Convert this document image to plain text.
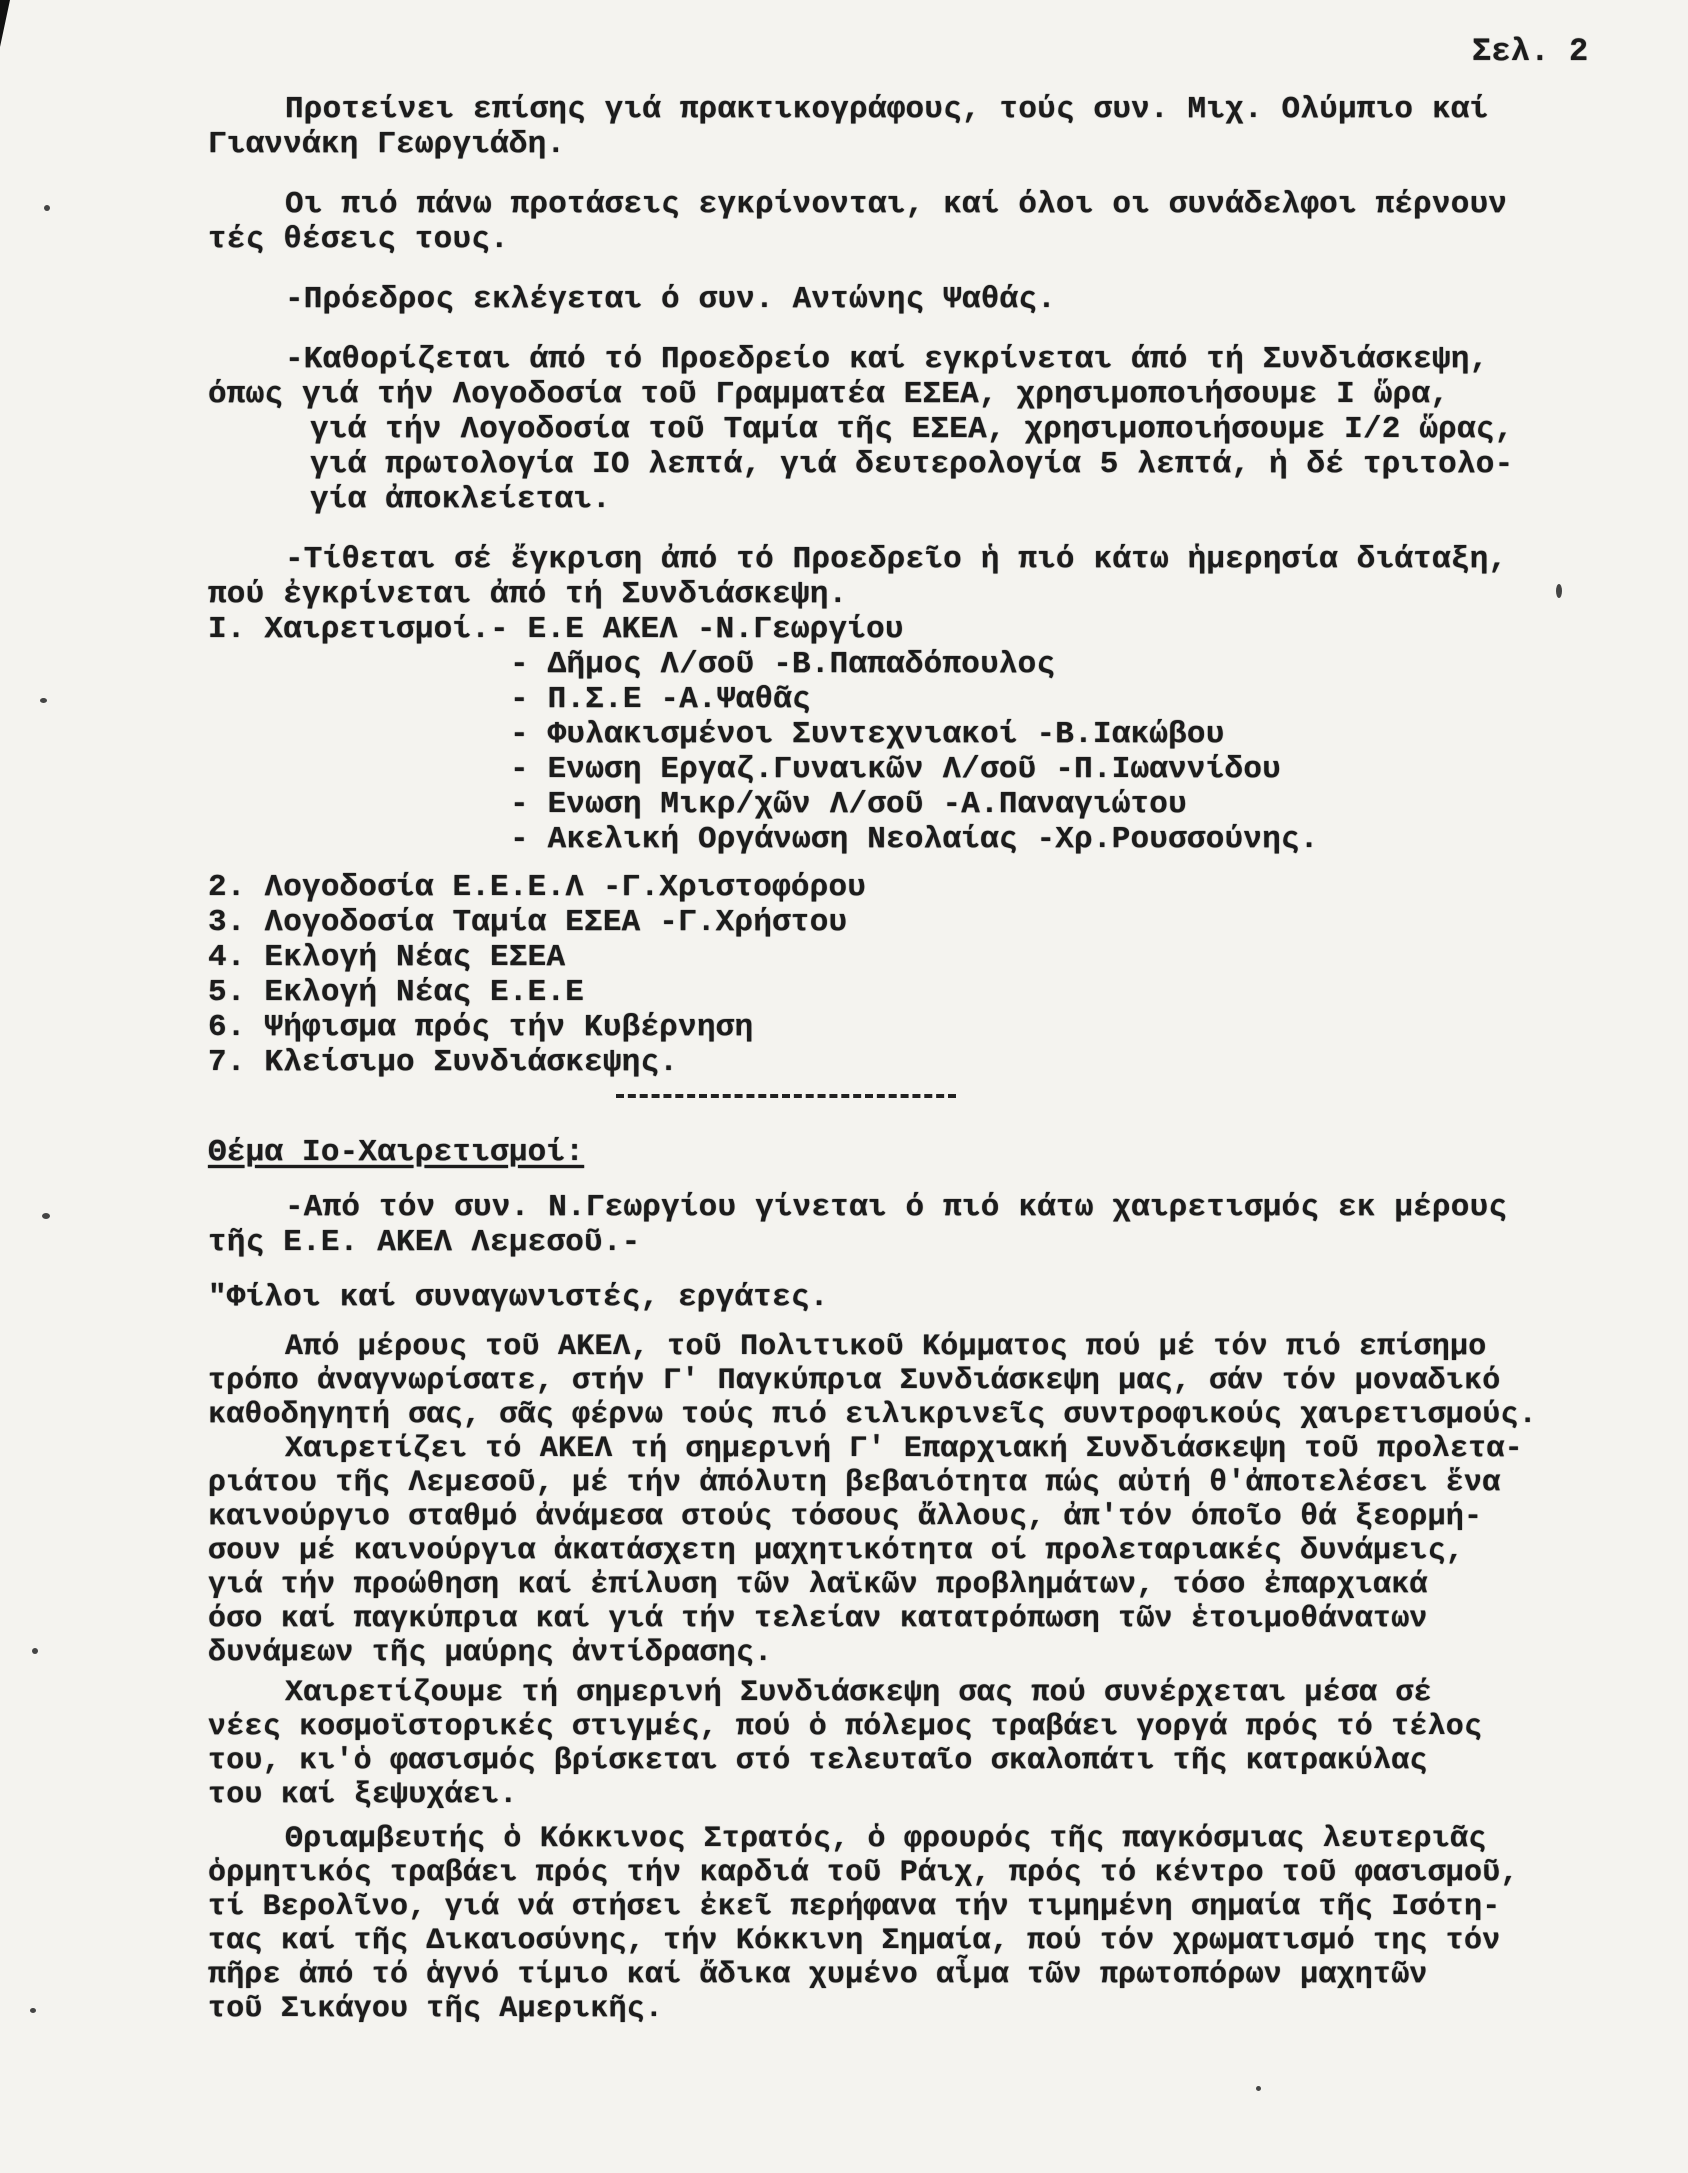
Σελ. 2
Προτείνει επίσης γιά πρακτικογράφους, τούς συν. Μιχ. Ολύμπιο καί
Γιαννάκη Γεωργιάδη.
Οι πιό πάνω προτάσεις εγκρίνονται, καί όλοι οι συνάδελφοι πέρνουν
τές θέσεις τους.
-Πρόεδρος εκλέγεται ό συν. Αντώνης Ψαθάς.
-Καθορίζεται άπό τό Προεδρείο καί εγκρίνεται άπό τή Συνδιάσκεψη,
όπως γιά τήν Λογοδοσία τοῦ Γραμματέα ΕΣΕΑ, χρησιμοποιήσουμε Ι ὥρα,
γιά τήν Λογοδοσία τοῦ Ταμία τῆς ΕΣΕΑ, χρησιμοποιήσουμε Ι/2 ὥρας,
γιά πρωτολογία ΙΟ λεπτά, γιά δευτερολογία 5 λεπτά, ἡ δέ τριτολο-
γία ἀποκλείεται.
-Τίθεται σέ ἔγκριση ἀπό τό Προεδρεῖο ἡ πιό κάτω ἡμερησία διάταξη,
πού ἐγκρίνεται ἀπό τή Συνδιάσκεψη.
I. Χαιρετισμοί.- Ε.Ε ΑΚΕΛ -Ν.Γεωργίου
- Δῆμος Λ/σοῦ -Β.Παπαδόπουλος
- Π.Σ.Ε -Α.Ψαθᾶς
- Φυλακισμένοι Συντεχνιακοί -Β.Ιακώβου
- Ενωση Εργαζ.Γυναικῶν Λ/σοῦ -Π.Ιωαννίδου
- Ενωση Μικρ/χῶν Λ/σοῦ -Α.Παναγιώτου
- Ακελική Οργάνωση Νεολαίας -Χρ.Ρουσσούνης.
2. Λογοδοσία Ε.Ε.Ε.Λ -Γ.Χριστοφόρου
3. Λογοδοσία Ταμία ΕΣΕΑ -Γ.Χρήστου
4. Εκλογή Νέας ΕΣΕΑ
5. Εκλογή Νέας Ε.Ε.Ε
6. Ψήφισμα πρός τήν Κυβέρνηση
7. Κλείσιμο Συνδιάσκεψης.
Θέμα Ιο-Χαιρετισμοί:
-Από τόν συν. Ν.Γεωργίου γίνεται ό πιό κάτω χαιρετισμός εκ μέρους
τῆς Ε.Ε. ΑΚΕΛ Λεμεσοῦ.-
"Φίλοι καί συναγωνιστές, εργάτες.
Από μέρους τοῦ ΑΚΕΛ, τοῦ Πολιτικοῦ Κόμματος πού μέ τόν πιό επίσημο
τρόπο ἀναγνωρίσατε, στήν Γ' Παγκύπρια Συνδιάσκεψη μας, σάν τόν μοναδικό
καθοδηγητή σας, σᾶς φέρνω τούς πιό ειλικρινεῖς συντροφικούς χαιρετισμούς.
Χαιρετίζει τό ΑΚΕΛ τή σημερινή Γ' Επαρχιακή Συνδιάσκεψη τοῦ προλετα-
ριάτου τῆς Λεμεσοῦ, μέ τήν ἀπόλυτη βεβαιότητα πώς αὐτή θ'ἀποτελέσει ἕνα
καινούργιο σταθμό ἀνάμεσα στούς τόσους ἄλλους, ἀπ'τόν όποῖο θά ξεορμή-
σουν μέ καινούργια ἀκατάσχετη μαχητικότητα οί προλεταριακές δυνάμεις,
γιά τήν προώθηση καί ἐπίλυση τῶν λαϊκῶν προβλημάτων, τόσο ἐπαρχιακά
όσο καί παγκύπρια καί γιά τήν τελείαν κατατρόπωση τῶν ἑτοιμοθάνατων
δυνάμεων τῆς μαύρης ἀντίδρασης.
Χαιρετίζουμε τή σημερινή Συνδιάσκεψη σας πού συνέρχεται μέσα σέ
νέες κοσμοϊστορικές στιγμές, πού ὁ πόλεμος τραβάει γοργά πρός τό τέλος
του, κι'ὁ φασισμός βρίσκεται στό τελευταῖο σκαλοπάτι τῆς κατρακύλας
του καί ξεψυχάει.
Θριαμβευτής ὁ Κόκκινος Στρατός, ὁ φρουρός τῆς παγκόσμιας λευτεριᾶς
ὁρμητικός τραβάει πρός τήν καρδιά τοῦ Ράιχ, πρός τό κέντρο τοῦ φασισμοῦ,
τί Βερολῖνο, γιά νά στήσει ἐκεῖ περήφανα τήν τιμημένη σημαία τῆς Ισότη-
τας καί τῆς Δικαιοσύνης, τήν Κόκκινη Σημαία, πού τόν χρωματισμό της τόν
πῆρε ἀπό τό ἁγνό τίμιο καί ἄδικα χυμένο αἷμα τῶν πρωτοπόρων μαχητῶν
τοῦ Σικάγου τῆς Αμερικῆς.
